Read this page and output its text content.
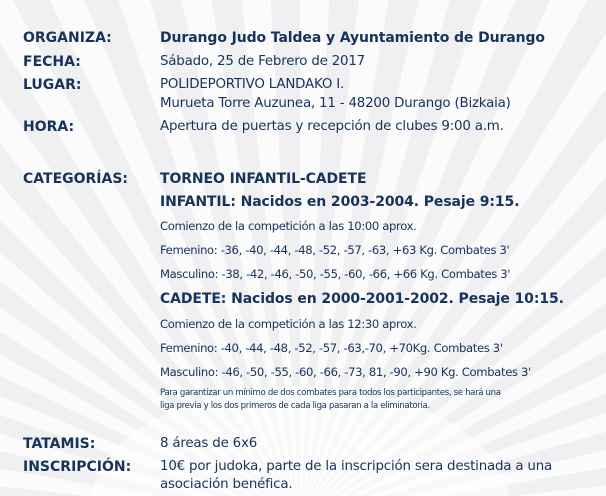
ORGANIZA:	Durango Judo Taldea y Ayuntamiento de Durango
FECHA:	Sábado, 25 de Febrero de 2017
LUGAR:	POLIDEPORTIVO LANDAKO I.
Murueta Torre Auzunea, 11 - 48200 Durango (Bizkaia)
HORA:	Apertura de puertas y recepción de clubes 9:00 a.m.
CATEGORÍAS: TORNEO INFANTIL-CADETE
INFANTIL: Nacidos en 2003-2004. Pesaje 9:15.
Comienzo de la competición a las 10:00 aprox.
Femenino: -36, -40, -44, -48, -52, -57, -63, +63 Kg. Combates 3'
Masculino: -38, -42, -46, -50, -55, -60, -66, +66 Kg. Combates 3'
CADETE: Nacidos en 2000-2001-2002. Pesaje 10:15.
Comienzo de la competición a las 12:30 aprox.
Femenino: -40, -44, -48, -52, -57, -63,-70, +70Kg. Combates 3'
Masculino: -46, -50, -55, -60, -66, -73, 81, -90, +90 Kg. Combates 3'
Para garantizar un mínimo de dos combates para todos los participantes, se hará una
liga previa y los dos primeros de cada liga pasaran a la eliminatoria.
TATAMIS:	8 áreas de 6x6
INSCRIPCIÓN: 10€ por judoka, parte de la inscripción sera destinada a una
asociación benéfica.
